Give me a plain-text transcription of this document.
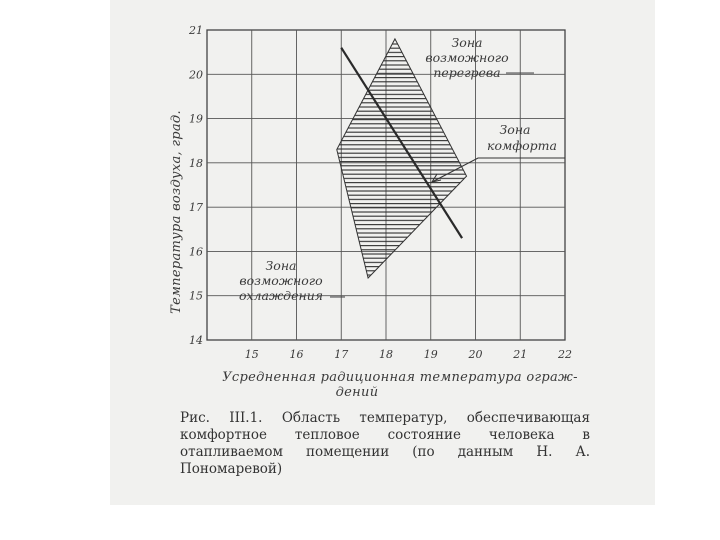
15	16	17	18	19	20	21	22
14
15
16
17
18
19
20
21
Зона
возможного
перегрева
Зона
комфорта
Зона
возможного
охлаждения
Температура воздуха, град.
Усредненная радиционная температура ограж-
дений
Рис. III.1. Область температур, обеспечивающая комфортное тепловое состояние человека в отапливаемом помещении (по данным Н. А. Пономаревой)
